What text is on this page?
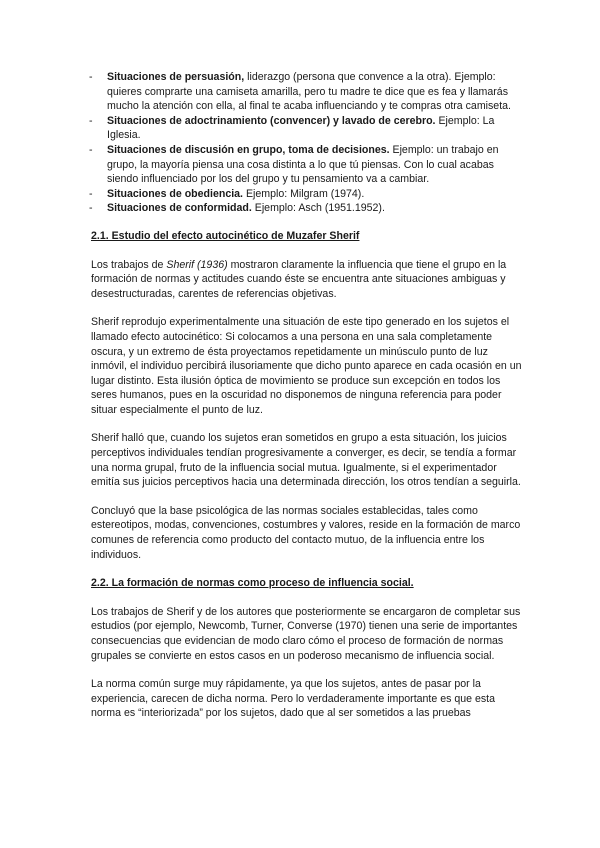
- Situaciones de persuasión, liderazgo (persona que convence a la otra). Ejemplo: quieres comprarte una camiseta amarilla, pero tu madre te dice que es fea y llamarás mucho la atención con ella, al final te acaba influenciando y te compras otra camiseta.
- Situaciones de adoctrinamiento (convencer) y lavado de cerebro. Ejemplo: La Iglesia.
- Situaciones de discusión en grupo, toma de decisiones. Ejemplo: un trabajo en grupo, la mayoría piensa una cosa distinta a lo que tú piensas. Con lo cual acabas siendo influenciado por los del grupo y tu pensamiento va a cambiar.
- Situaciones de obediencia. Ejemplo: Milgram (1974).
- Situaciones de conformidad. Ejemplo: Asch (1951.1952).
2.1. Estudio del efecto autocinético de Muzafer Sherif

Los trabajos de Sherif (1936) mostraron claramente la influencia que tiene el grupo en la formación de normas y actitudes cuando éste se encuentra ante situaciones ambiguas y desestructuradas, carentes de referencias objetivas.

Sherif reprodujo experimentalmente una situación de este tipo generado en los sujetos el llamado efecto autocinético: Si colocamos a una persona en una sala completamente oscura, y un extremo de ésta proyectamos repetidamente un minúsculo punto de luz inmóvil, el individuo percibirá ilusoriamente que dicho punto aparece en cada ocasión en un lugar distinto. Esta ilusión óptica de movimiento se produce sun excepción en todos los seres humanos, pues en la oscuridad no disponemos de ninguna referencia para poder situar especialmente el punto de luz.

Sherif halló que, cuando los sujetos eran sometidos en grupo a esta situación, los juicios perceptivos individuales tendían progresivamente a converger, es decir, se tendía a formar una norma grupal, fruto de la influencia social mutua. Igualmente, si el experimentador emitía sus juicios perceptivos hacia una determinada dirección, los otros tendían a seguirla.

Concluyó que la base psicológica de las normas sociales establecidas, tales como estereotipos, modas, convenciones, costumbres y valores, reside en la formación de marco comunes de referencia como producto del contacto mutuo, de la influencia entre los individuos.

2.2. La formación de normas como proceso de influencia social.

Los trabajos de Sherif y de los autores que posteriormente se encargaron de completar sus estudios (por ejemplo, Newcomb, Turner, Converse (1970) tienen una serie de importantes consecuencias que evidencian de modo claro cómo el proceso de formación de normas grupales se convierte en estos casos en un poderoso mecanismo de influencia social.

La norma común surge muy rápidamente, ya que los sujetos, antes de pasar por la experiencia, carecen de dicha norma. Pero lo verdaderamente importante es que esta norma es “interiorizada” por los sujetos, dado que al ser sometidos a las pruebas
